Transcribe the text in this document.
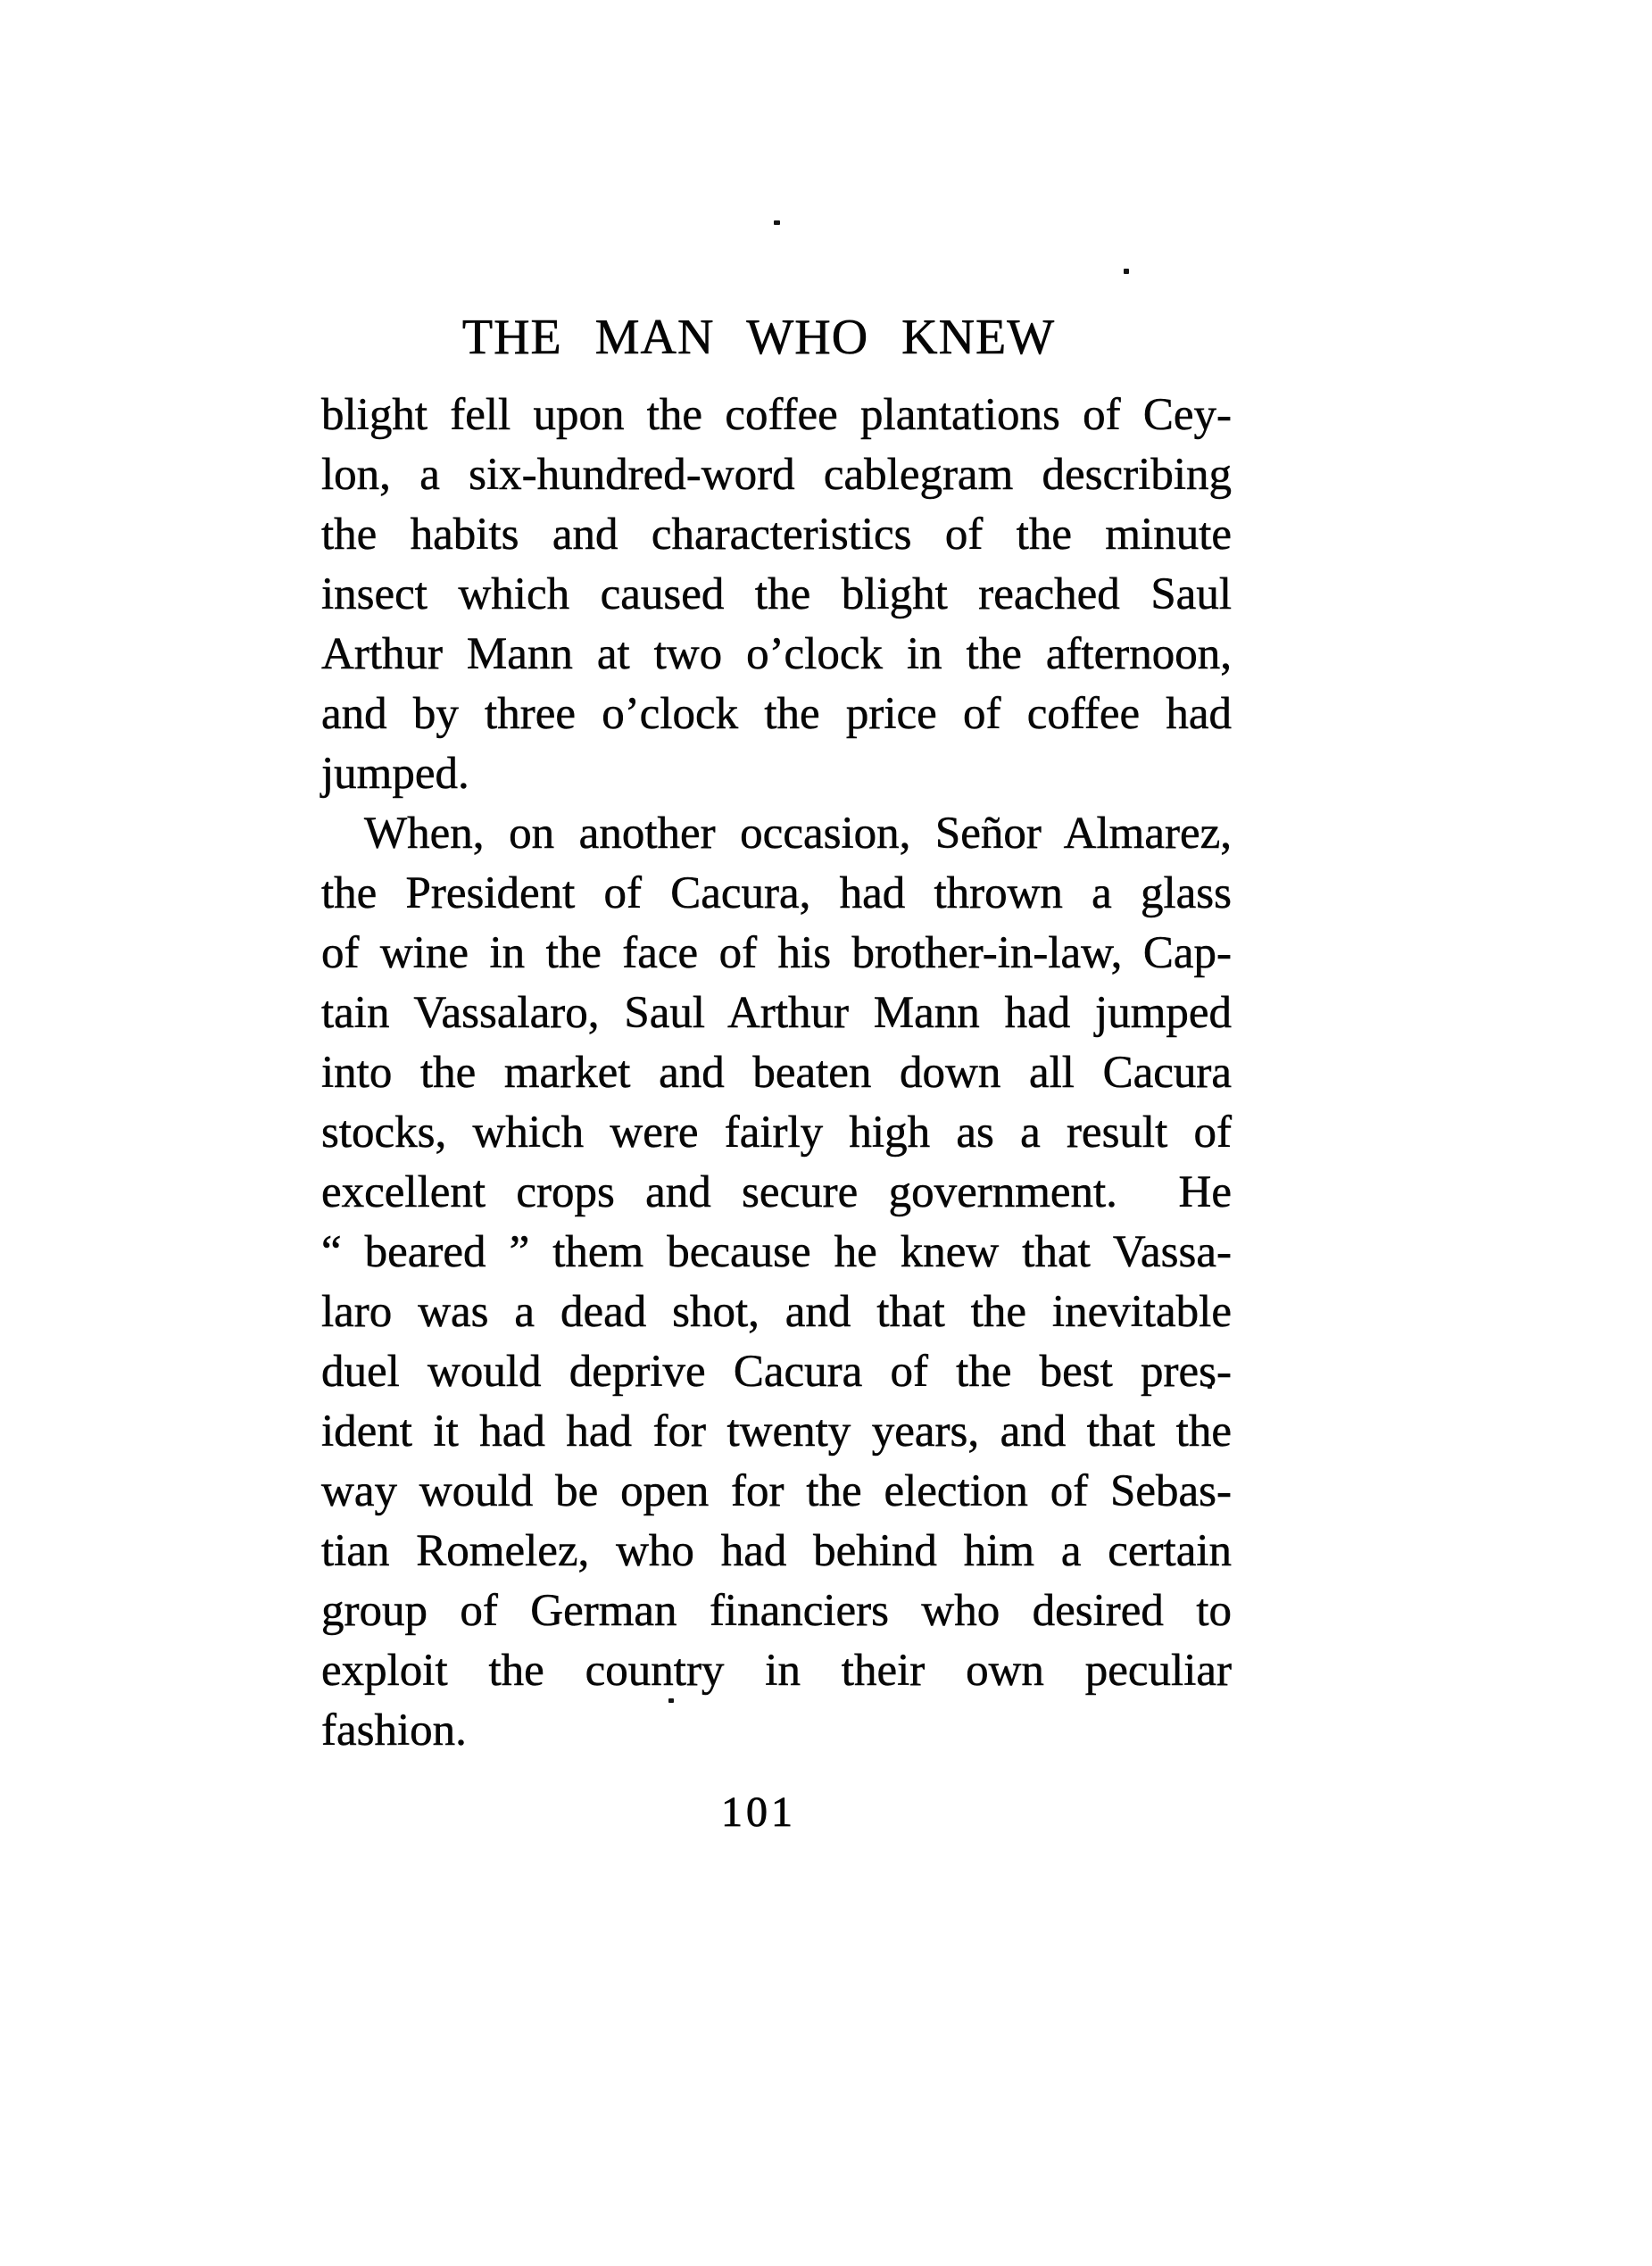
THE MAN WHO KNEW
blight fell upon the coffee plantations of Cey-
lon, a six-hundred-word cablegram describing
the habits and characteristics of the minute
insect which caused the blight reached Saul
Arthur Mann at two o’clock in the afternoon,
and by three o’clock the price of coffee had
jumped.
When, on another occasion, Señor Almarez,
the President of Cacura, had thrown a glass
of wine in the face of his brother-in-law, Cap-
tain Vassalaro, Saul Arthur Mann had jumped
into the market and beaten down all Cacura
stocks, which were fairly high as a result of
excellent crops and secure government.  He
“ beared ” them because he knew that Vassa-
laro was a dead shot, and that the inevitable
duel would deprive Cacura of the best pres-
ident it had had for twenty years, and that the
way would be open for the election of Sebas-
tian Romelez, who had behind him a certain
group of German financiers who desired to
exploit the country in their own peculiar
fashion.
101
